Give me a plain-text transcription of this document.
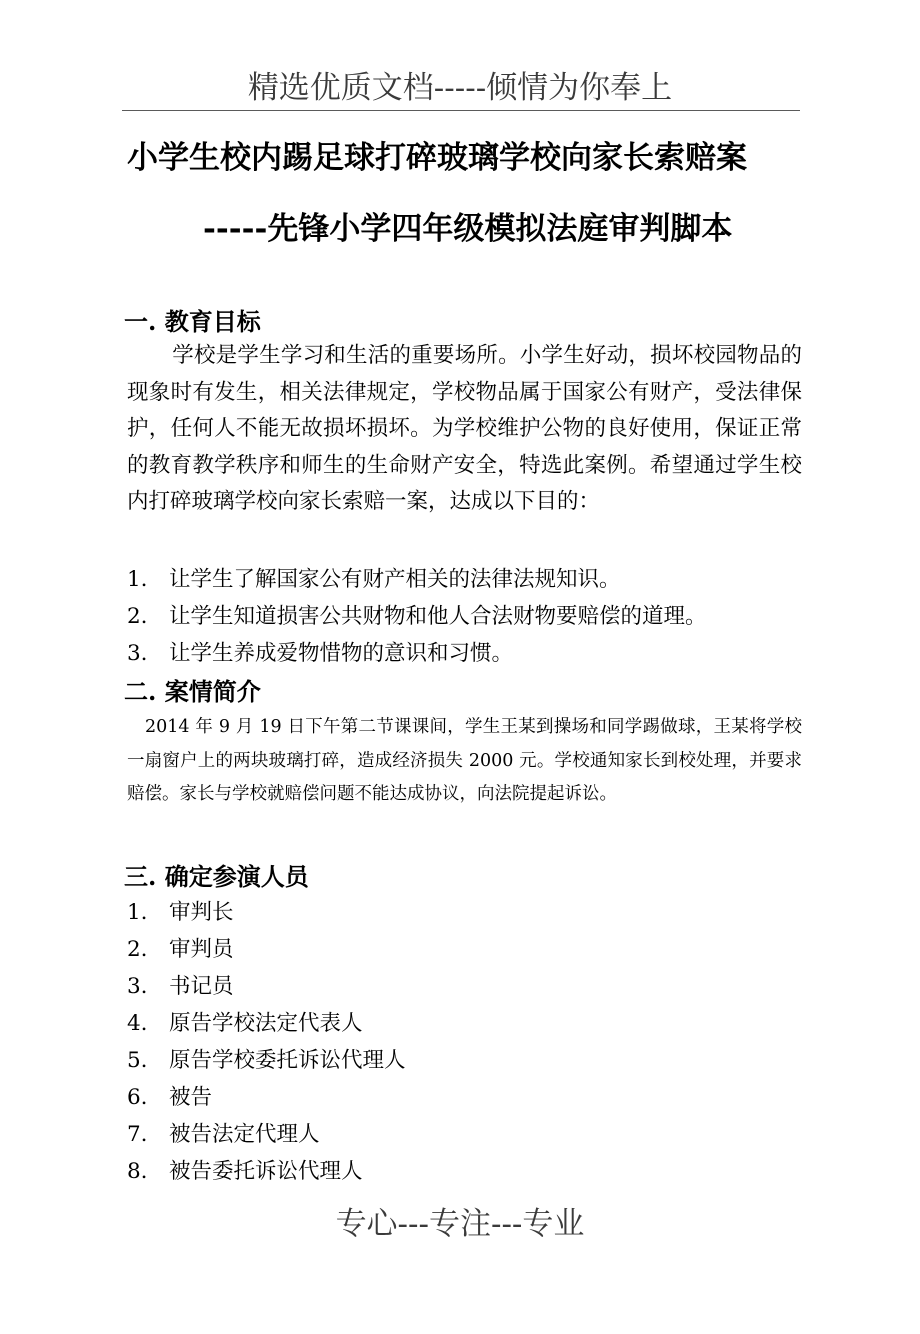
精选优质文档-----倾情为你奉上
小学生校内踢足球打碎玻璃学校向家长索赔案
-----先锋小学四年级模拟法庭审判脚本
一. 教育目标
学校是学生学习和生活的重要场所。小学生好动，损坏校园物品的现象时有发生，相关法律规定，学校物品属于国家公有财产，受法律保护，任何人不能无故损坏损坏。为学校维护公物的良好使用，保证正常的教育教学秩序和师生的生命财产安全，特选此案例。希望通过学生校内打碎玻璃学校向家长索赔一案，达成以下目的：
1. 让学生了解国家公有财产相关的法律法规知识。
2. 让学生知道损害公共财物和他人合法财物要赔偿的道理。
3. 让学生养成爱物惜物的意识和习惯。
二. 案情简介
2014 年 9 月 19 日下午第二节课课间，学生王某到操场和同学踢做球，王某将学校一扇窗户上的两块玻璃打碎，造成经济损失 2000 元。学校通知家长到校处理，并要求赔偿。家长与学校就赔偿问题不能达成协议，向法院提起诉讼。
三. 确定参演人员
1. 审判长
2. 审判员
3. 书记员
4. 原告学校法定代表人
5. 原告学校委托诉讼代理人
6. 被告
7. 被告法定代理人
8. 被告委托诉讼代理人
专心---专注---专业
